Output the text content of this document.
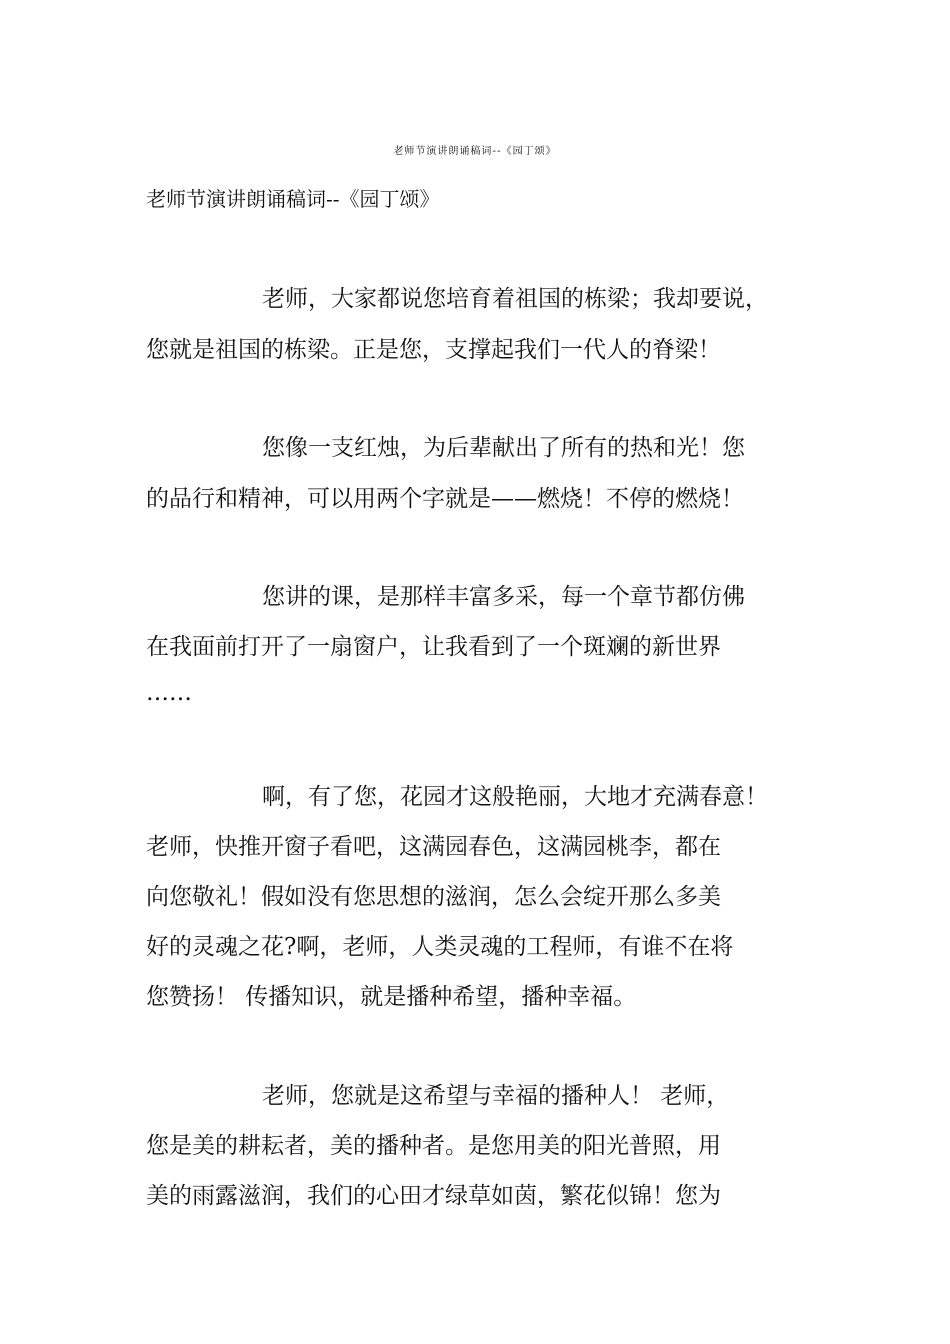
老师节演讲朗诵稿词--《园丁颂》
老师节演讲朗诵稿词--《园丁颂》
老师，大家都说您培育着祖国的栋梁；我却要说，
您就是祖国的栋梁。正是您，支撑起我们一代人的脊梁！
您像一支红烛，为后辈献出了所有的热和光！您
的品行和精神，可以用两个字就是——燃烧！不停的燃烧！
您讲的课，是那样丰富多采，每一个章节都仿佛
在我面前打开了一扇窗户，让我看到了一个斑斓的新世界
……
啊，有了您，花园才这般艳丽，大地才充满春意！
老师，快推开窗子看吧，这满园春色，这满园桃李，都在
向您敬礼！假如没有您思想的滋润，怎么会绽开那么多美
好的灵魂之花?啊，老师，人类灵魂的工程师，有谁不在将
您赞扬！ 传播知识，就是播种希望，播种幸福。
老师，您就是这希望与幸福的播种人！ 老师，
您是美的耕耘者，美的播种者。是您用美的阳光普照，用
美的雨露滋润，我们的心田才绿草如茵，繁花似锦！您为
